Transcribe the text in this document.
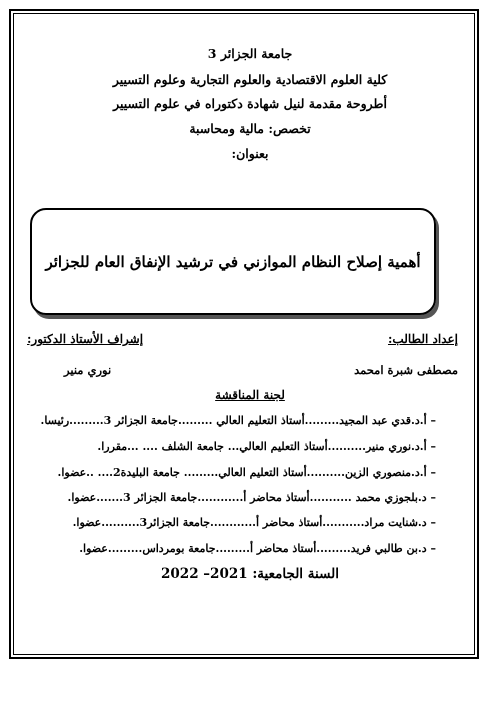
جامعة الجزائر 3
كلية العلوم الاقتصادية والعلوم التجارية وعلوم التسيير
أطروحة مقدمة لنيل شهادة دكتوراه في علوم التسيير
تخصص: مالية ومحاسبة
بعنوان:
أهمية إصلاح النظام الموازني في ترشيد الإنفاق العام للجزائر
إعداد الطالب:
إشراف الأستاذ الدكتور:
مصطفى شبرة امحمد
نوري منير
لجنة المناقشة
– أ.د.قدي عبد المجيد.........أستاذ التعليم العالي .........جامعة الجزائر 3.........رئيسا.
– أ.د.نوري منير..........أستاذ التعليم العالي... جامعة الشلف .... ...مقررا.
– أ.د.منصوري الزين..........أستاذ التعليم العالي......... جامعة البليدة2.... ..عضوا.
– د.بلجوزي محمد ...........أستاذ محاضر أ............جامعة الجزائر 3.......عضوا.
– د.شنايت مراد...........أستاذ محاضر أ............جامعة الجزائر3..........عضوا.
– د.بن طالبي فريد.........أستاذ محاضر أ.........جامعة بومرداس.........عضوا.
السنة الجامعية: 2021– 2022
